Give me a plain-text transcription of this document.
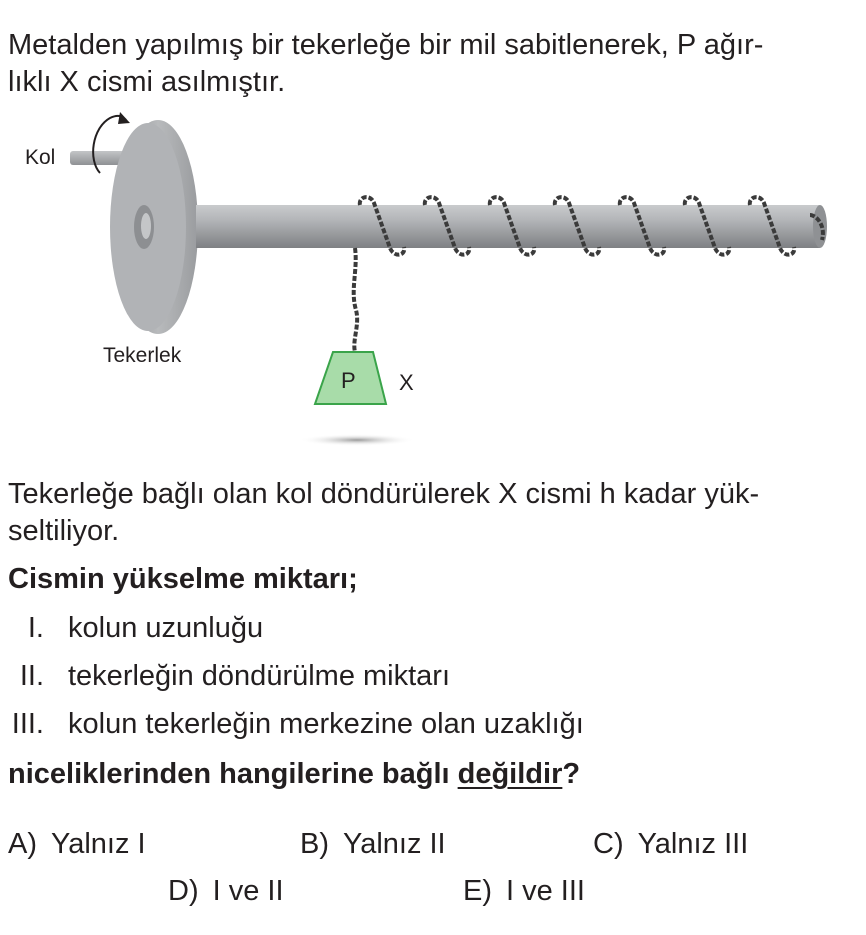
Metalden yapılmış bir tekerleğe bir mil sabitlenerek, P ağır-
lıklı X cismi asılmıştır.
Kol
Tekerlek
P X
Tekerleğe bağlı olan kol döndürülerek X cismi h kadar yük-
seltiliyor.
Cismin yükselme miktarı;
I. kolun uzunluğu
II. tekerleğin döndürülme miktarı
III. kolun tekerleğin merkezine olan uzaklığı
niceliklerinden hangilerine bağlı değildir?
A) Yalnız I	B) Yalnız II	C) Yalnız III
D) I ve II	E) I ve III
